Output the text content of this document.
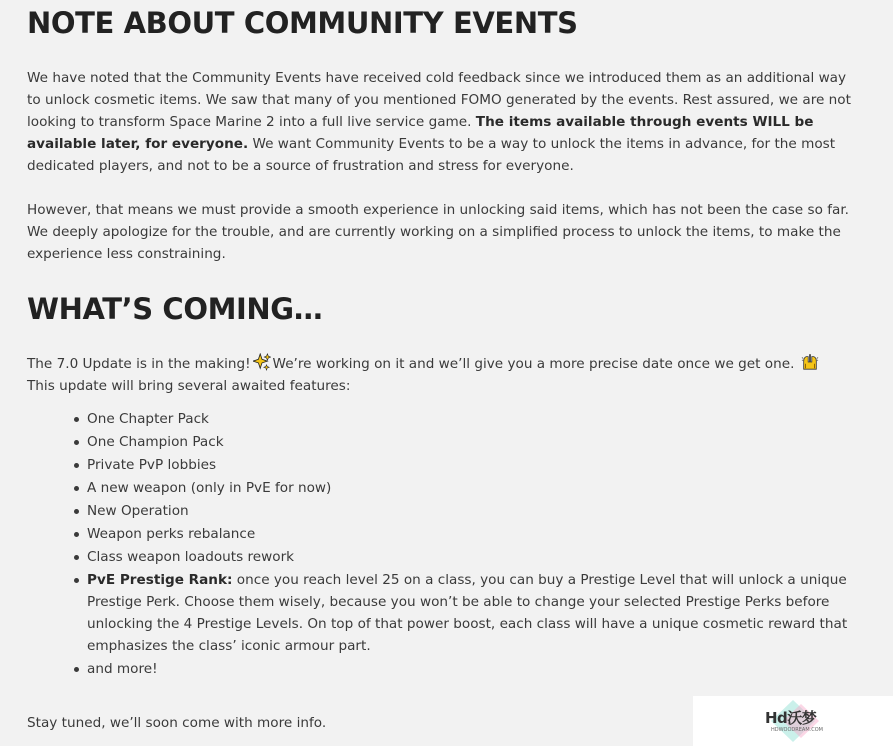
NOTE ABOUT COMMUNITY EVENTS

We have noted that the Community Events have received cold feedback since we introduced them as an additional way to unlock cosmetic items. We saw that many of you mentioned FOMO generated by the events. Rest assured, we are not looking to transform Space Marine 2 into a full live service game. The items available through events WILL be available later, for everyone. We want Community Events to be a way to unlock the items in advance, for the most dedicated players, and not to be a source of frustration and stress for everyone.

However, that means we must provide a smooth experience in unlocking said items, which has not been the case so far. We deeply apologize for the trouble, and are currently working on a simplified process to unlock the items, to make the experience less constraining.

WHAT’S COMING…

The 7.0 Update is in the making! We’re working on it and we’ll give you a more precise date once we get one.
This update will bring several awaited features:

One Chapter Pack
One Champion Pack
Private PvP lobbies
A new weapon (only in PvE for now)
New Operation
Weapon perks rebalance
Class weapon loadouts rework
PvE Prestige Rank: once you reach level 25 on a class, you can buy a Prestige Level that will unlock a unique Prestige Perk. Choose them wisely, because you won’t be able to change your selected Prestige Perks before unlocking the 4 Prestige Levels. On top of that power boost, each class will have a unique cosmetic reward that emphasizes the class’ iconic armour part.
and more!

Stay tuned, we’ll soon come with more info.	Hd沃梦
HDWOODREAM.COM
